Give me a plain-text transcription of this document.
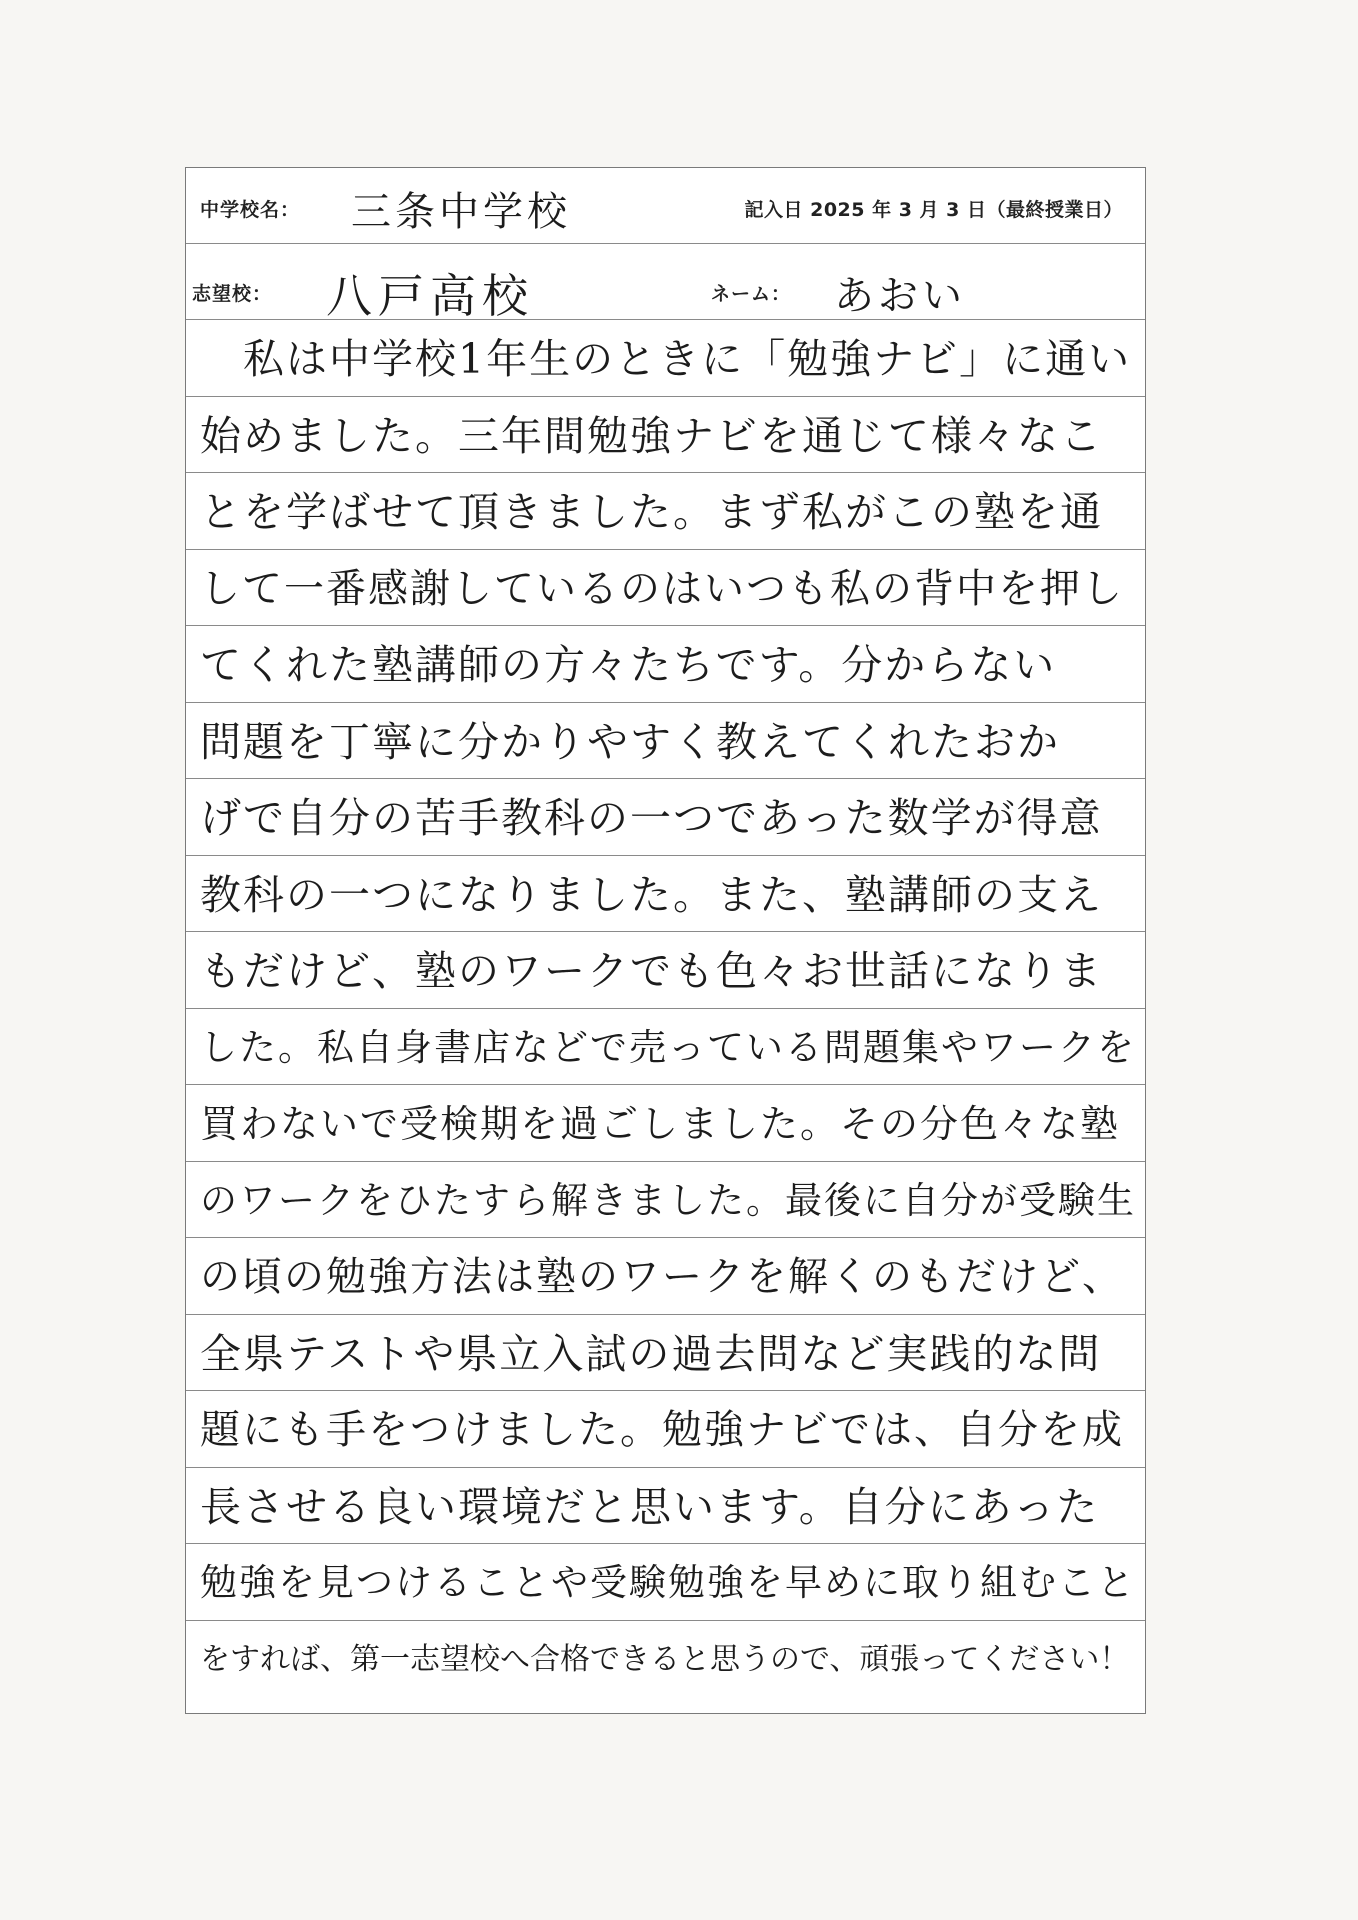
中学校名： 三条中学校	記入日 2025 年 3 月 3 日（最終授業日）
志望校： 八戸高校	ネーム： あおい
　私は中学校1年生のときに「勉強ナビ」に通い
始めました。三年間勉強ナビを通じて様々なこ
とを学ばせて頂きました。まず私がこの塾を通
して一番感謝しているのはいつも私の背中を押し
てくれた塾講師の方々たちです。分からない
問題を丁寧に分かりやすく教えてくれたおか
げで自分の苦手教科の一つであった数学が得意
教科の一つになりました。また、塾講師の支え
もだけど、塾のワークでも色々お世話になりま
した。私自身書店などで売っている問題集やワークを
買わないで受検期を過ごしました。その分色々な塾
のワークをひたすら解きました。最後に自分が受験生
の頃の勉強方法は塾のワークを解くのもだけど、
全県テストや県立入試の過去問など実践的な問
題にも手をつけました。勉強ナビでは、自分を成
長させる良い環境だと思います。自分にあった
勉強を見つけることや受験勉強を早めに取り組むこと
をすれば、第一志望校へ合格できると思うので、頑張ってください！
